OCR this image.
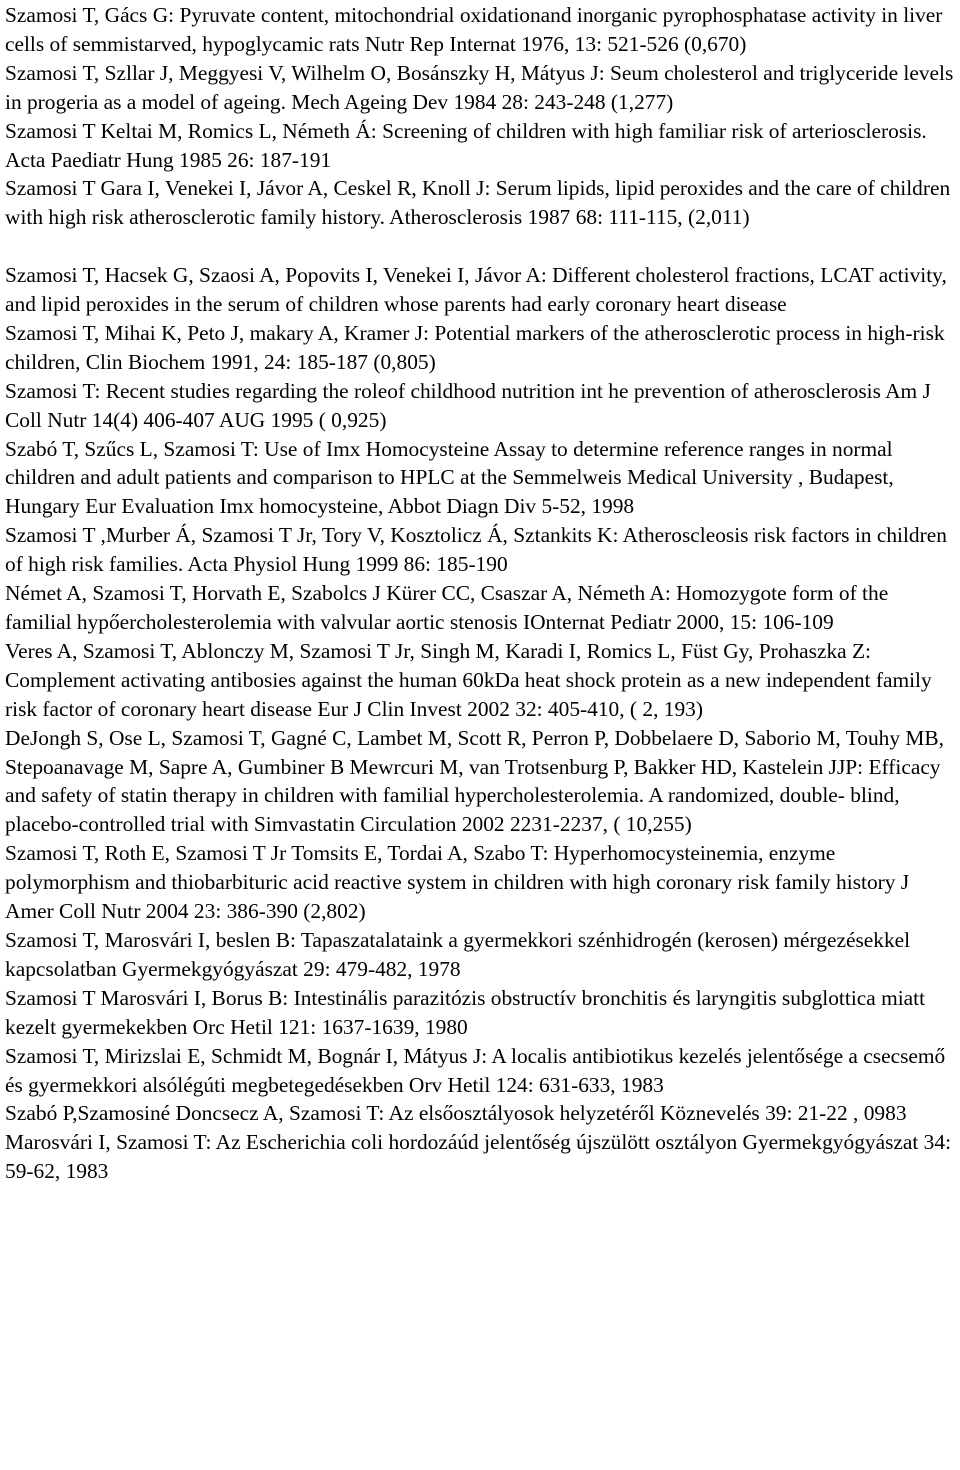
Szamosi T, Gács G: Pyruvate content, mitochondrial oxidationand inorganic pyrophosphatase activity in liver cells of semmistarved, hypoglycamic rats Nutr Rep Internat 1976, 13: 521-526 (0,670)

Szamosi T, Szllar J, Meggyesi V, Wilhelm O, Bosánszky H, Mátyus J: Seum cholesterol and triglyceride levels in progeria as a model of ageing. Mech Ageing Dev 1984 28: 243-248 (1,277)

Szamosi T Keltai M, Romics L, Németh Á: Screening of children with high familiar risk of arteriosclerosis. Acta Paediatr Hung 1985 26: 187-191

Szamosi T Gara I, Venekei I, Jávor A, Ceskel R, Knoll J: Serum lipids, lipid peroxides and the care of children with high risk atherosclerotic family history. Atherosclerosis 1987 68: 111-115, (2,011)

Szamosi T, Hacsek G, Szaosi A, Popovits I, Venekei I, Jávor A: Different cholesterol fractions, LCAT activity, and lipid peroxides in the serum of children whose parents had early coronary heart disease

Szamosi T, Mihai K, Peto J, makary A, Kramer J: Potential markers of the atherosclerotic process in high-risk children, Clin Biochem 1991, 24: 185-187 (0,805)

Szamosi T: Recent studies regarding the roleof childhood nutrition int he prevention of atherosclerosis Am J Coll Nutr 14(4) 406-407 AUG 1995 ( 0,925)

Szabó T, Szűcs L, Szamosi T: Use of Imx Homocysteine Assay to determine reference ranges in normal children and adult patients and comparison to HPLC at the Semmelweis Medical University , Budapest, Hungary Eur Evaluation Imx homocysteine, Abbot Diagn Div 5-52, 1998

Szamosi T ,Murber Á, Szamosi T Jr, Tory V, Kosztolicz Á, Sztankits K: Atheroscleosis risk factors in children of high risk families. Acta Physiol Hung 1999 86: 185-190

Német A, Szamosi T, Horvath E, Szabolcs J Kürer CC, Csaszar A, Németh A: Homozygote form of the familial hypőercholesterolemia with valvular aortic stenosis IOnternat Pediatr 2000, 15: 106-109

Veres A, Szamosi T, Ablonczy M, Szamosi T Jr, Singh M, Karadi I, Romics L, Füst Gy, Prohaszka Z: Complement activating antibosies against the human 60kDa heat shock protein as a new independent family risk factor of coronary heart disease Eur J Clin Invest 2002 32: 405-410, ( 2, 193)

DeJongh S, Ose L, Szamosi T, Gagné C, Lambet M, Scott R, Perron P, Dobbelaere D, Saborio M, Touhy MB, Stepoanavage M, Sapre A, Gumbiner B Mewrcuri M, van Trotsenburg P, Bakker HD, Kastelein JJP: Efficacy and safety of statin therapy in children with familial hypercholesterolemia. A randomized, double- blind, placebo-controlled trial with Simvastatin Circulation 2002 2231-2237, ( 10,255)

Szamosi T, Roth E, Szamosi T Jr Tomsits E, Tordai A, Szabo T: Hyperhomocysteinemia, enzyme polymorphism and thiobarbituric acid reactive system in children with high coronary risk family history J Amer Coll Nutr 2004 23: 386-390 (2,802)

Szamosi T, Marosvári I, beslen B: Tapaszatalataink a gyermekkori szénhidrogén (kerosen) mérgezésekkel kapcsolatban Gyermekgyógyászat 29: 479-482, 1978

Szamosi T Marosvári I, Borus B: Intestinális parazitózis obstructív bronchitis és laryngitis subglottica miatt kezelt gyermekekben Orc Hetil 121: 1637-1639, 1980

Szamosi T, Mirizslai E, Schmidt M, Bognár I, Mátyus J: A localis antibiotikus kezelés jelentősége a csecsemő és gyermekkori alsólégúti megbetegedésekben Orv Hetil 124: 631-633, 1983

Szabó P,Szamosiné Doncsecz A, Szamosi T: Az elsőosztályosok helyzetéről Köznevelés 39: 21-22 , 0983

Marosvári I, Szamosi T: Az Escherichia coli hordozáúd jelentőség újszülött osztályon Gyermekgyógyászat 34: 59-62, 1983
